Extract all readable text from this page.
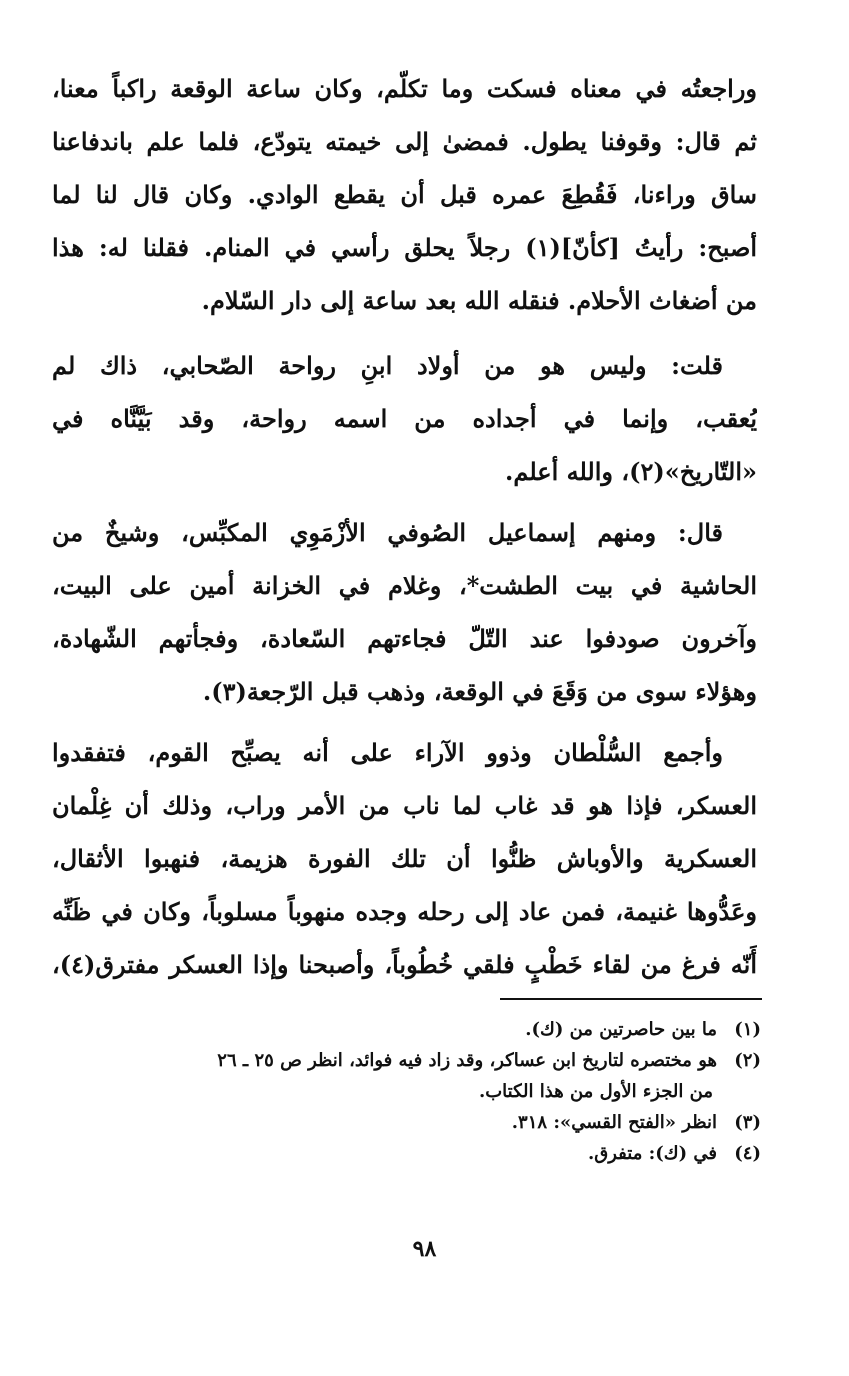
وراجعتُه في معناه فسكت وما تكلّم، وكان ساعة الوقعة راكباً معنا،
ثم قال: وقوفنا يطول. فمضىٰ إلى خيمته يتودّع، فلما علم باندفاعنا
ساق وراءنا، فَقُطِعَ عمره قبل أن يقطع الوادي. وكان قال لنا لما
أصبح: رأيتُ [كأنّ](١) رجلاً يحلق رأسي في المنام. فقلنا له: هذا
من أضغاث الأحلام. فنقله الله بعد ساعة إلى دار السّلام.
قلت: وليس هو من أولاد ابنِ رواحة الصّحابي، ذاك لم
يُعقب، وإنما في أجداده من اسمه رواحة، وقد بَيَّنَّاه في
«التّاريخ»(٢)، والله أعلم.
قال: ومنهم إسماعيل الصُوفي الأزْمَوِي المكبِّس، وشيخٌ من
الحاشية في بيت الطشت*، وغلام في الخزانة أمين على البيت،
وآخرون صودفوا عند التّلّ فجاءتهم السّعادة، وفجأتهم الشّهادة،
وهؤلاء سوى من وَقَعَ في الوقعة، وذهب قبل الرّجعة(٣).
وأجمع السُّلْطان وذوو الآراء على أنه يصبِّح القوم، فتفقدوا
العسكر، فإذا هو قد غاب لما ناب من الأمر وراب، وذلك أن غِلْمان
العسكرية والأوباش ظنُّوا أن تلك الفورة هزيمة، فنهبوا الأثقال،
وعَدُّوها غنيمة، فمن عاد إلى رحله وجده منهوباً مسلوباً، وكان في ظَنِّه
أَنّه فرغ من لقاء خَطْبٍ فلقي خُطُوباً، وأصبحنا وإذا العسكر مفترق(٤)،
(١)ما بين حاصرتين من (ك).
(٢)هو مختصره لتاريخ ابن عساكر، وقد زاد فيه فوائد، انظر ص ٢٥ ـ ٢٦
من الجزء الأول من هذا الكتاب.
(٣)انظر «الفتح القسي»: ٣١٨.
(٤)في (ك): متفرق.
٩٨
